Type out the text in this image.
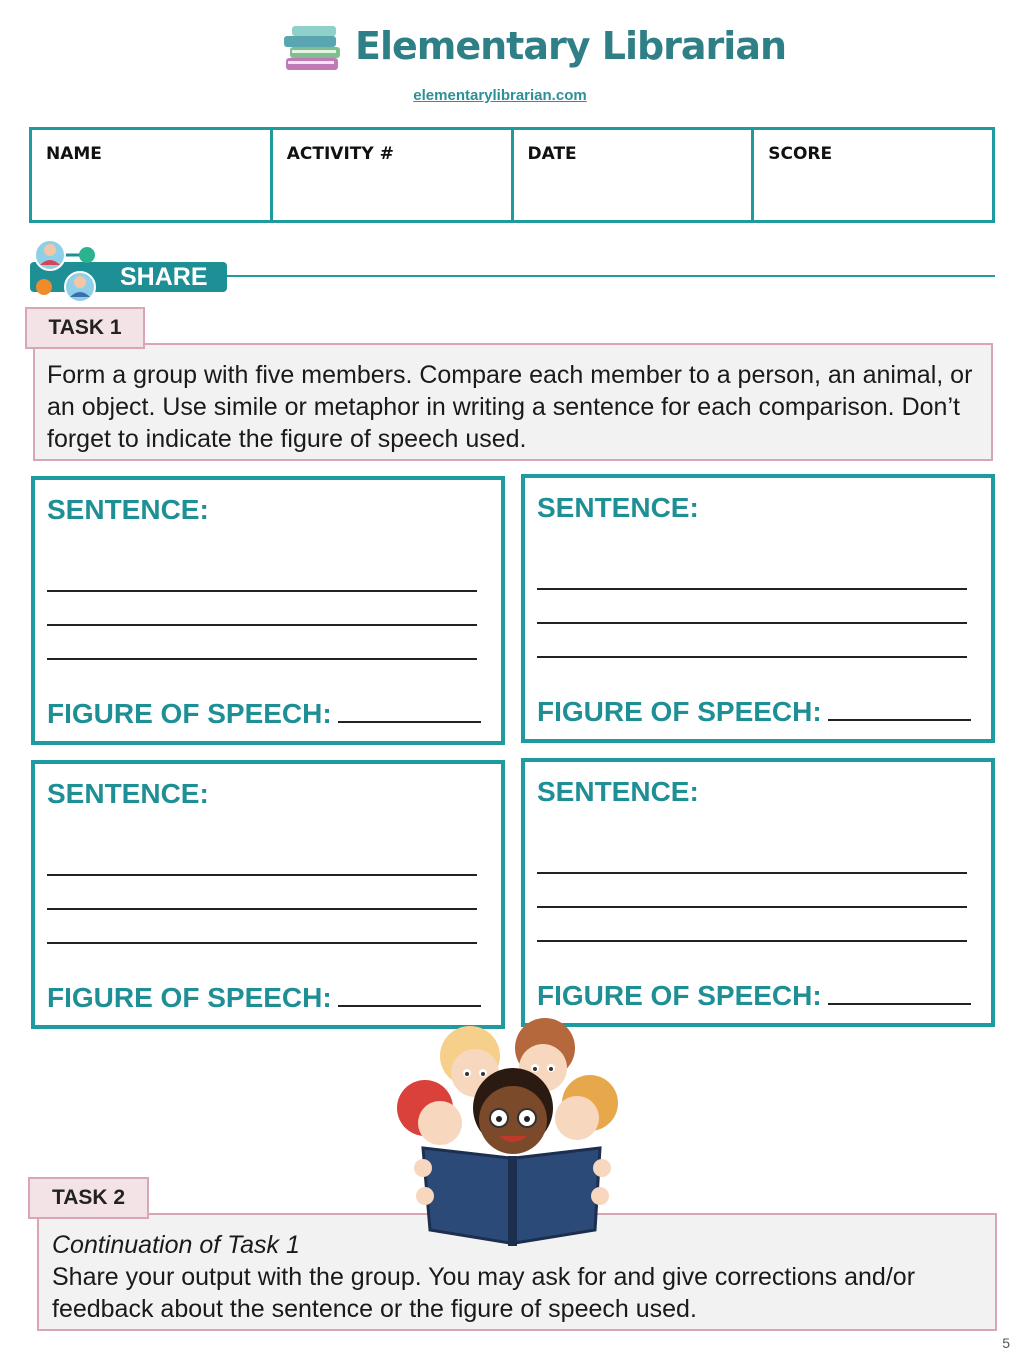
Elementary Librarian
elementarylibrarian.com
NAME	ACTIVITY #	DATE	SCORE
SHARE
Form a group with five members. Compare each member to a person, an animal, or an object. Use simile or metaphor in writing a sentence for each comparison. Don’t forget to indicate the figure of speech used.
TASK 1
SENTENCE:
FIGURE OF SPEECH:
SENTENCE:
FIGURE OF SPEECH:
SENTENCE:
FIGURE OF SPEECH:
SENTENCE:
FIGURE OF SPEECH:
Continuation of Task 1
Share your output with the group. You may ask for and give corrections and/or feedback about the sentence or the figure of speech used.
TASK 2
5
